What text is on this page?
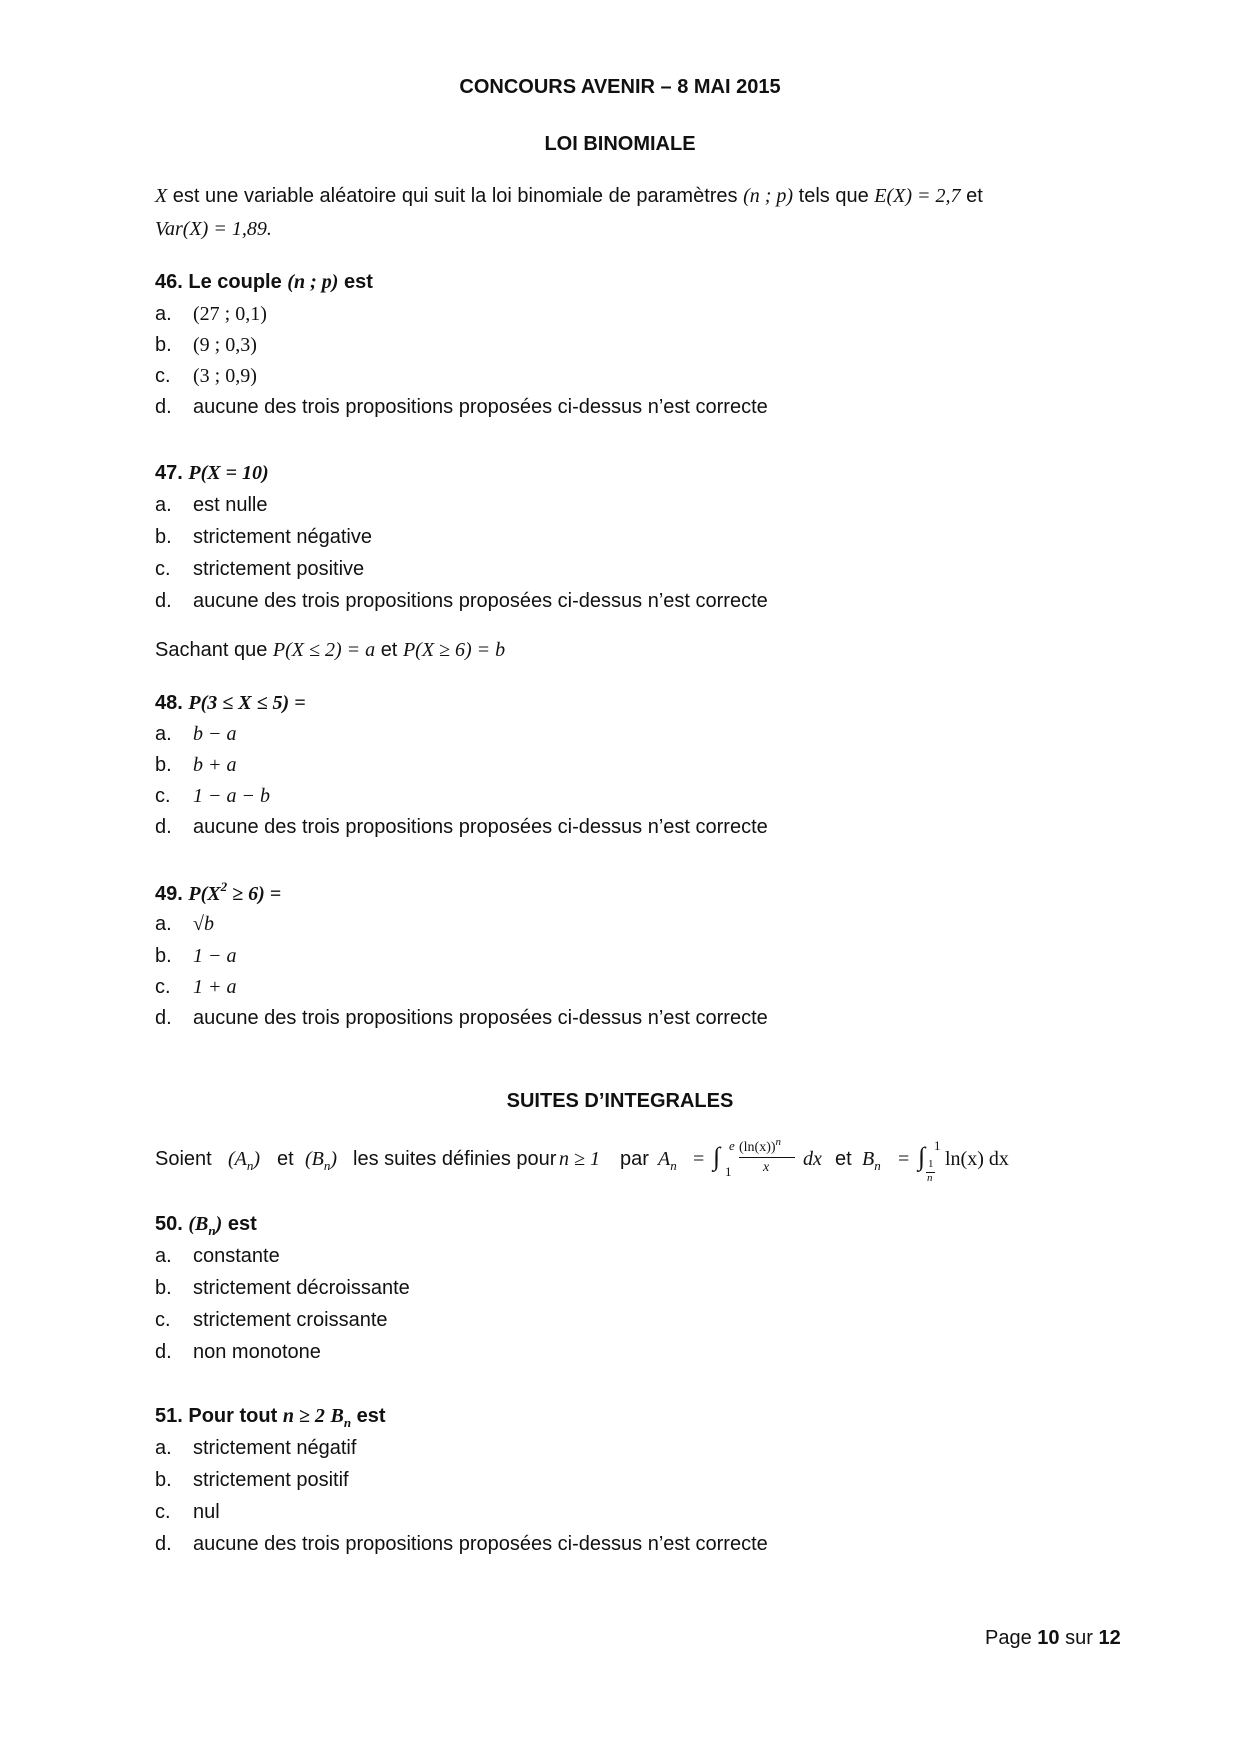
CONCOURS AVENIR – 8 MAI 2015
LOI BINOMIALE
X est une variable aléatoire qui suit la loi binomiale de paramètres (n ; p) tels que E(X) = 2,7 et
Var(X) = 1,89.
46. Le couple (n ; p) est
a. (27 ; 0,1)
b. (9 ; 0,3)
c. (3 ; 0,9)
d. aucune des trois propositions proposées ci-dessus n’est correcte
47. P(X = 10)
a. est nulle
b. strictement négative
c. strictement positive
d. aucune des trois propositions proposées ci-dessus n’est correcte
Sachant que P(X ≤ 2) = a et P(X ≥ 6) = b
48. P(3 ≤ X ≤ 5) =
a. b − a
b. b + a
c. 1 − a − b
d. aucune des trois propositions proposées ci-dessus n’est correcte
49. $P(X^2 \ge 6)$ =
a. √b
b. 1 − a
c. 1 + a
d. aucune des trois propositions proposées ci-dessus n’est correcte
SUITES D’INTEGRALES
Soient $(A_n)$ et $(B_n)$ les suites définies pour n ≥ 1 par $A_n$ = ∫ e
1
$(\ln(x))^n$
x dx et $B_n$ = ∫ 1
1
n
ln(x) dx
50. $(B_n)$ est
a. constante
b. strictement décroissante
c. strictement croissante
d. non monotone
51. Pour tout n ≥ 2 $B_n$ est
a. strictement négatif
b. strictement positif
c. nul
d. aucune des trois propositions proposées ci-dessus n’est correcte
Page 10 sur 12
